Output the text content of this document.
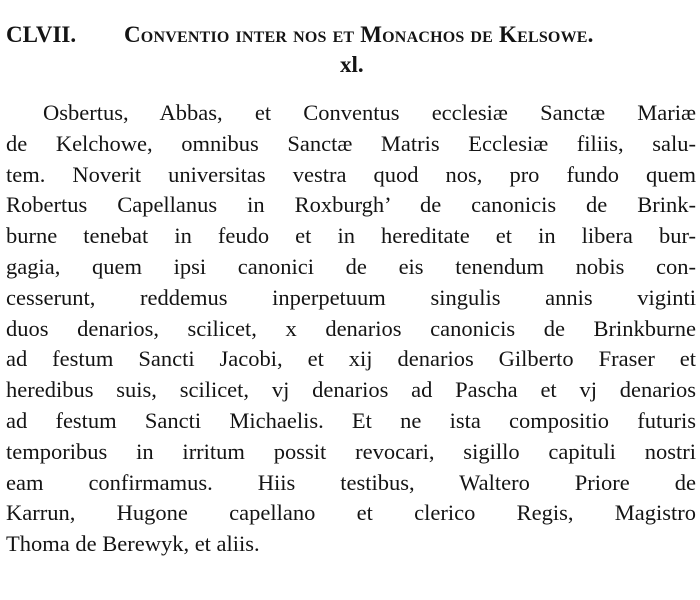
CLVII. Conventio inter nos et Monachos de Kelsowe.
xl.
Osbertus, Abbas, et Conventus ecclesiæ Sanctæ Mariæ
de Kelchowe, omnibus Sanctæ Matris Ecclesiæ filiis, salu-
tem. Noverit universitas vestra quod nos, pro fundo quem
Robertus Capellanus in Roxburgh’ de canonicis de Brink-
burne tenebat in feudo et in hereditate et in libera bur-
gagia, quem ipsi canonici de eis tenendum nobis con-
cesserunt, reddemus inperpetuum singulis annis viginti
duos denarios, scilicet, x denarios canonicis de Brinkburne
ad festum Sancti Jacobi, et xij denarios Gilberto Fraser et
heredibus suis, scilicet, vj denarios ad Pascha et vj denarios
ad festum Sancti Michaelis. Et ne ista compositio futuris
temporibus in irritum possit revocari, sigillo capituli nostri
eam confirmamus. Hiis testibus, Waltero Priore de
Karrun, Hugone capellano et clerico Regis, Magistro
Thoma de Berewyk, et aliis.
